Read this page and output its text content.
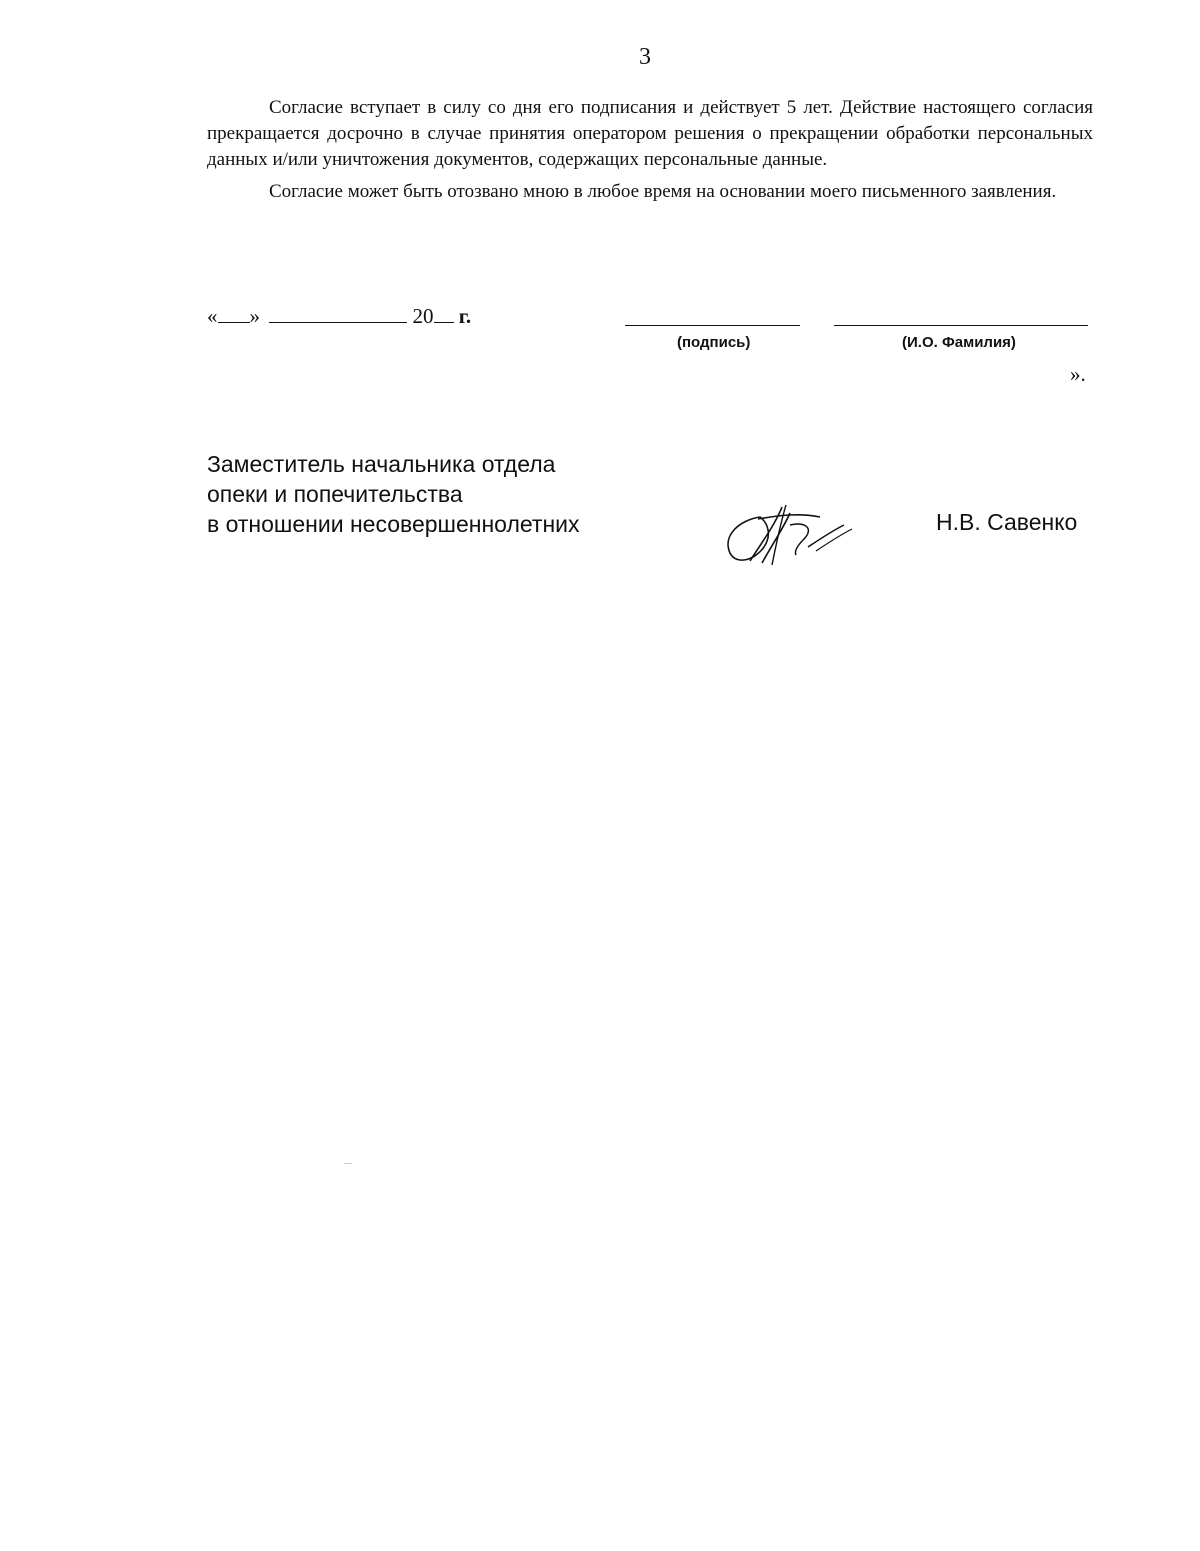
3

Согласие вступает в силу со дня его подписания и действует 5 лет. Действие настоящего согласия прекращается досрочно в случае принятия оператором решения о прекращении обработки персональных данных и/или уничтожения документов, содержащих персональные данные.

Согласие может быть отозвано мною в любое время на основании моего письменного заявления.

« »	20 г.
(подпись)	(И.О. Фамилия)
».
Заместитель начальника отдела
опеки и попечительства
в отношении несовершеннолетних	Н.В. Савенко
